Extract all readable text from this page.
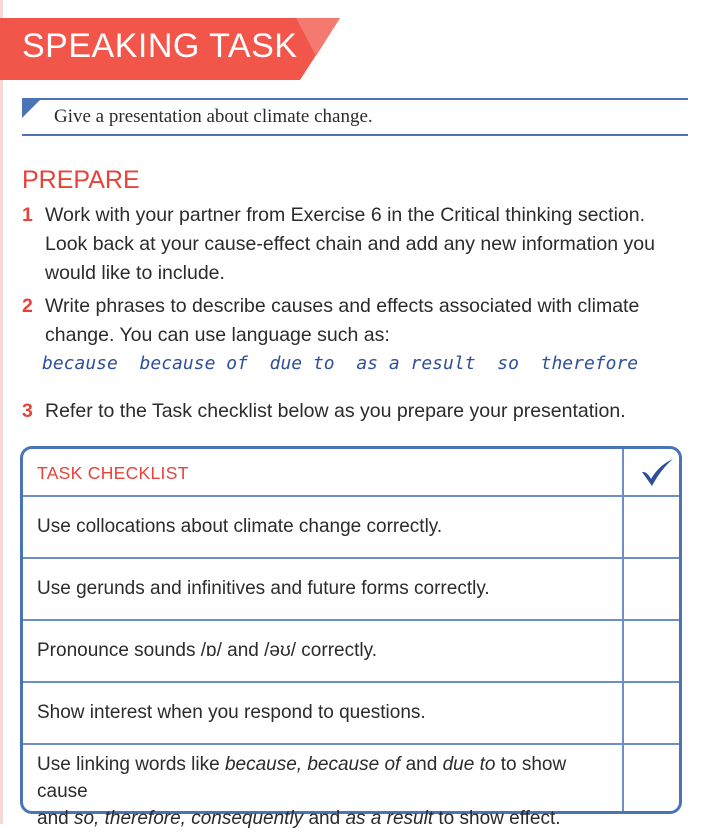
SPEAKING TASK
Give a presentation about climate change.
PREPARE
1 Work with your partner from Exercise 6 in the Critical thinking section.
Look back at your cause-effect chain and add any new information you
would like to include.
2 Write phrases to describe causes and effects associated with climate
change. You can use language such as:
because because of due to as a result so therefore
3 Refer to the Task checklist below as you prepare your presentation.
TASK CHECKLIST
Use collocations about climate change correctly.
Use gerunds and infinitives and future forms correctly.
Pronounce sounds /ɒ/ and /əʊ/ correctly.
Show interest when you respond to questions.
Use linking words like because, because of and due to to show cause
and so, therefore, consequently and as a result to show effect.
